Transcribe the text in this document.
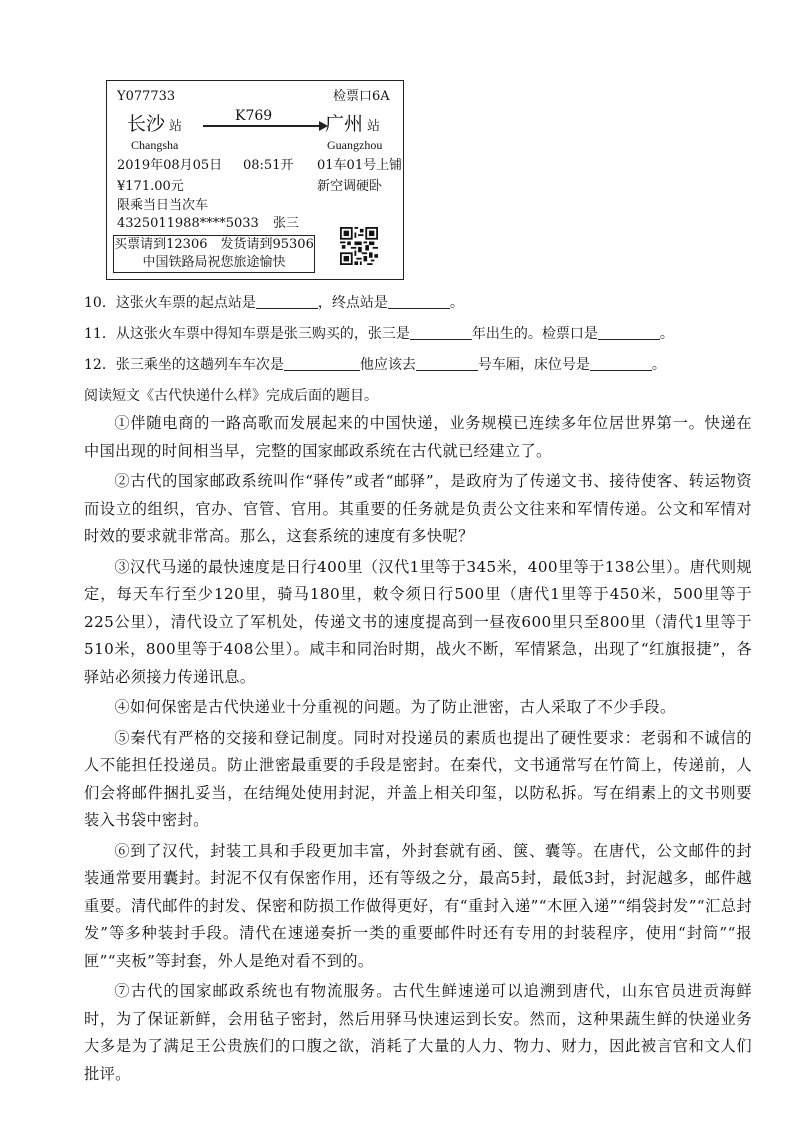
Y077733	检票口6A
长沙 站
K769	广州 站
Changsha	Guangzhou
2019年08月05日 08:51开 01车01号上铺
¥171.00元	新空调硬卧
限乘当日当次车
4325011988****5033 张三
买票请到12306　发货请到95306
中国铁路局祝您旅途愉快
10．这张火车票的起点站是	，终点站是	。
11．从这张火车票中得知车票是张三购买的，张三是	年出生的。检票口是	。
12．张三乘坐的这趟列车车次是	他应该去	号车厢，床位号是	。
阅读短文《古代快递什么样》完成后面的题目。

①伴随电商的一路高歌而发展起来的中国快递，业务规模已连续多年位居世界第一。快递在中国出现的时间相当早，完整的国家邮政系统在古代就已经建立了。

②古代的国家邮政系统叫作“驿传”或者“邮驿”，是政府为了传递文书、接待使客、转运物资而设立的组织，官办、官管、官用。其重要的任务就是负责公文往来和军情传递。公文和军情对时效的要求就非常高。那么，这套系统的速度有多快呢？

③汉代马递的最快速度是日行400里（汉代1里等于345米，400里等于138公里）。唐代则规定，每天车行至少120里，骑马180里，敕令须日行500里（唐代1里等于450米，500里等于225公里），清代设立了军机处，传递文书的速度提高到一昼夜600里只至800里（清代1里等于510米，800里等于408公里）。咸丰和同治时期，战火不断，军情紧急，出现了“红旗报捷”，各驿站必须接力传递讯息。

④如何保密是古代快递业十分重视的问题。为了防止泄密，古人采取了不少手段。

⑤秦代有严格的交接和登记制度。同时对投递员的素质也提出了硬性要求：老弱和不诚信的人不能担任投递员。防止泄密最重要的手段是密封。在秦代，文书通常写在竹简上，传递前，人们会将邮件捆扎妥当，在结绳处使用封泥，并盖上相关印玺，以防私拆。写在绢素上的文书则要装入书袋中密封。

⑥到了汉代，封装工具和手段更加丰富，外封套就有函、箧、囊等。在唐代，公文邮件的封装通常要用囊封。封泥不仅有保密作用，还有等级之分，最高5封，最低3封，封泥越多，邮件越重要。清代邮件的封发、保密和防损工作做得更好，有“重封入递”“木匣入递”“绢袋封发”“汇总封发”等多种装封手段。清代在速递奏折一类的重要邮件时还有专用的封装程序，使用“封筒”“报匣”“夹板”等封套，外人是绝对看不到的。

⑦古代的国家邮政系统也有物流服务。古代生鲜速递可以追溯到唐代，山东官员进贡海鲜时，为了保证新鲜，会用毡子密封，然后用驿马快速运到长安。然而，这种果蔬生鲜的快递业务大多是为了满足王公贵族们的口腹之欲，消耗了大量的人力、物力、财力，因此被言官和文人们批评。
